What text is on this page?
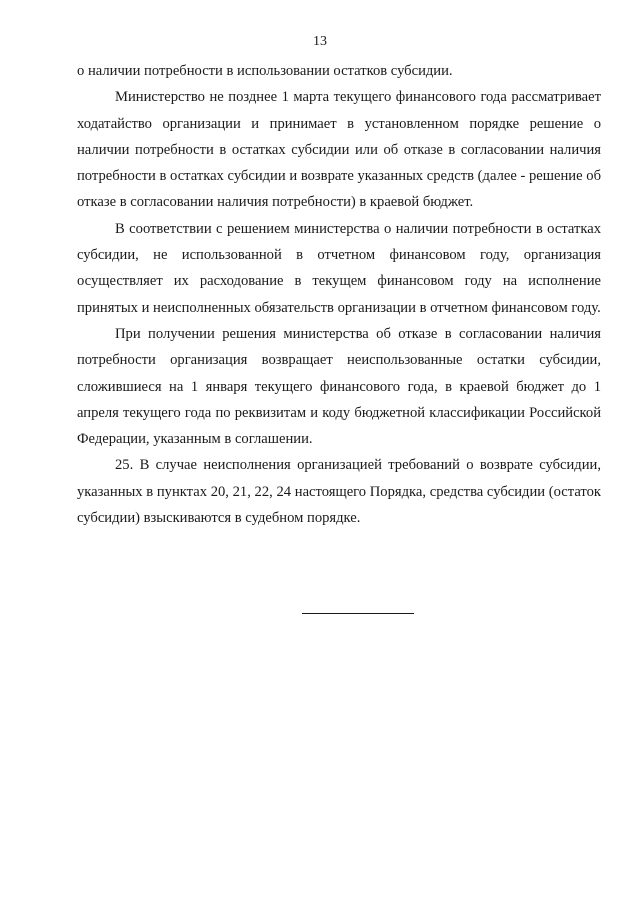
13

о наличии потребности в использовании остатков субсидии.

Министерство не позднее 1 марта текущего финансового года рассматривает ходатайство организации и принимает в установленном порядке решение о наличии потребности в остатках субсидии или об отказе в согласовании наличия потребности в остатках субсидии и возврате указанных средств (далее - решение об отказе в согласовании наличия потребности) в краевой бюджет.

В соответствии с решением министерства о наличии потребности в остатках субсидии, не использованной в отчетном финансовом году, организация осуществляет их расходование в текущем финансовом году на исполнение принятых и неисполненных обязательств организации в отчетном финансовом году.

При получении решения министерства об отказе в согласовании наличия потребности организация возвращает неиспользованные остатки субсидии, сложившиеся на 1 января текущего финансового года, в краевой бюджет до 1 апреля текущего года по реквизитам и коду бюджетной классификации Российской Федерации, указанным в соглашении.

25. В случае неисполнения организацией требований о возврате субсидии, указанных в пунктах 20, 21, 22, 24 настоящего Порядка, средства субсидии (остаток субсидии) взыскиваются в судебном порядке.
